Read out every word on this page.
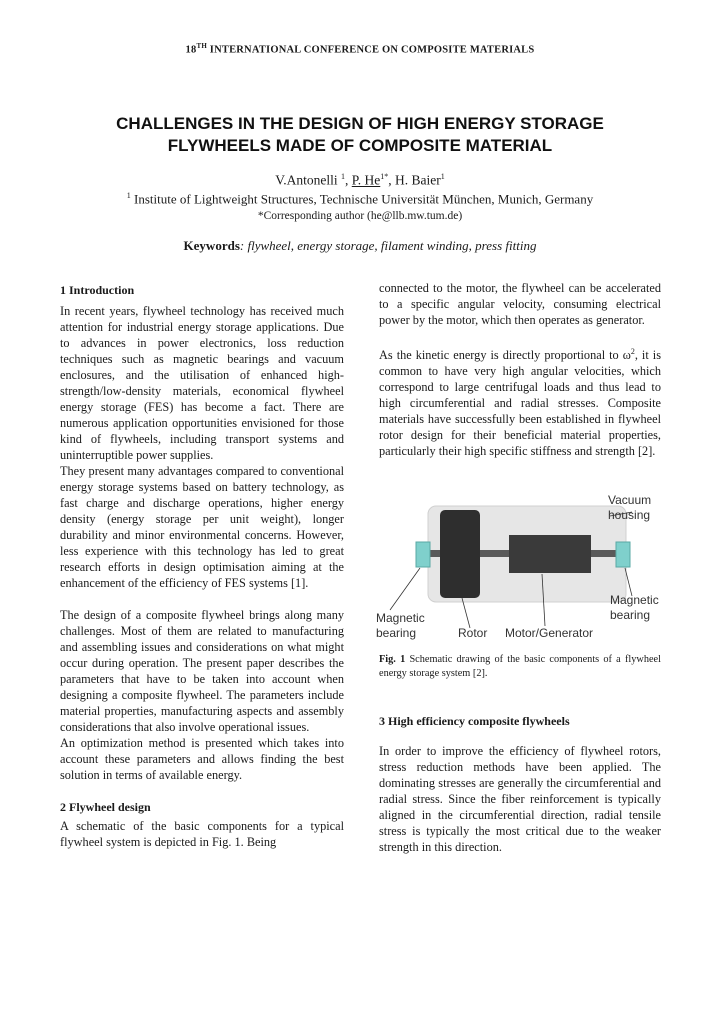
18TH INTERNATIONAL CONFERENCE ON COMPOSITE MATERIALS
CHALLENGES IN THE DESIGN OF HIGH ENERGY STORAGE
FLYWHEELS MADE OF COMPOSITE MATERIAL
V.Antonelli $^1$, P. $He^{1*}$, H. Baier$^1$
$^1$ Institute of Lightweight Structures, Technische Universität München, Munich, Germany
*Corresponding author (he@llb.mw.tum.de)
Keywords: flywheel, energy storage, filament winding, press fitting

1 Introduction

In recent years, flywheel technology has received much attention for industrial energy storage applications. Due to advances in power electronics, loss reduction techniques such as magnetic bearings and vacuum enclosures, and the utilisation of enhanced high-strength/low-density materials, economical flywheel energy storage (FES) has become a fact. There are numerous application opportunities envisioned for those kind of flywheels, including transport systems and uninterruptible power supplies.

They present many advantages compared to conventional energy storage systems based on battery technology, as fast charge and discharge operations, higher energy density (energy storage per unit weight), longer durability and minor environmental concerns. However, less experience with this technology has led to great research efforts in design optimisation aiming at the enhancement of the efficiency of FES systems [1].

The design of a composite flywheel brings along many challenges. Most of them are related to manufacturing and assembling issues and considerations on what might occur during operation. The present paper describes the parameters that have to be taken into account when designing a composite flywheel. The parameters include material properties, manufacturing aspects and assembly considerations that also involve operational issues.

An optimization method is presented which takes into account these parameters and allows finding the best solution in terms of available energy.

2 Flywheel design

A schematic of the basic components for a typical flywheel system is depicted in Fig. 1. Being

connected to the motor, the flywheel can be accelerated to a specific angular velocity, consuming electrical power by the motor, which then operates as generator.

As the kinetic energy is directly proportional to $\omega^2$, it is common to have very high angular velocities, which correspond to large centrifugal loads and thus lead to high circumferential and radial stresses. Composite materials have successfully been established in flywheel rotor design for their beneficial material properties, particularly their high specific stiffness and strength [2].

Vacuum
housing
Magnetic
bearing	Rotor Motor/Generator
Magnetic
bearing
Fig. 1 Schematic drawing of the basic components of a flywheel energy storage system [2].

3 High efficiency composite flywheels

In order to improve the efficiency of flywheel rotors, stress reduction methods have been applied. The dominating stresses are generally the circumferential and radial stress. Since the fiber reinforcement is typically aligned in the circumferential direction, radial tensile stress is typically the most critical due to the weaker strength in this direction.
